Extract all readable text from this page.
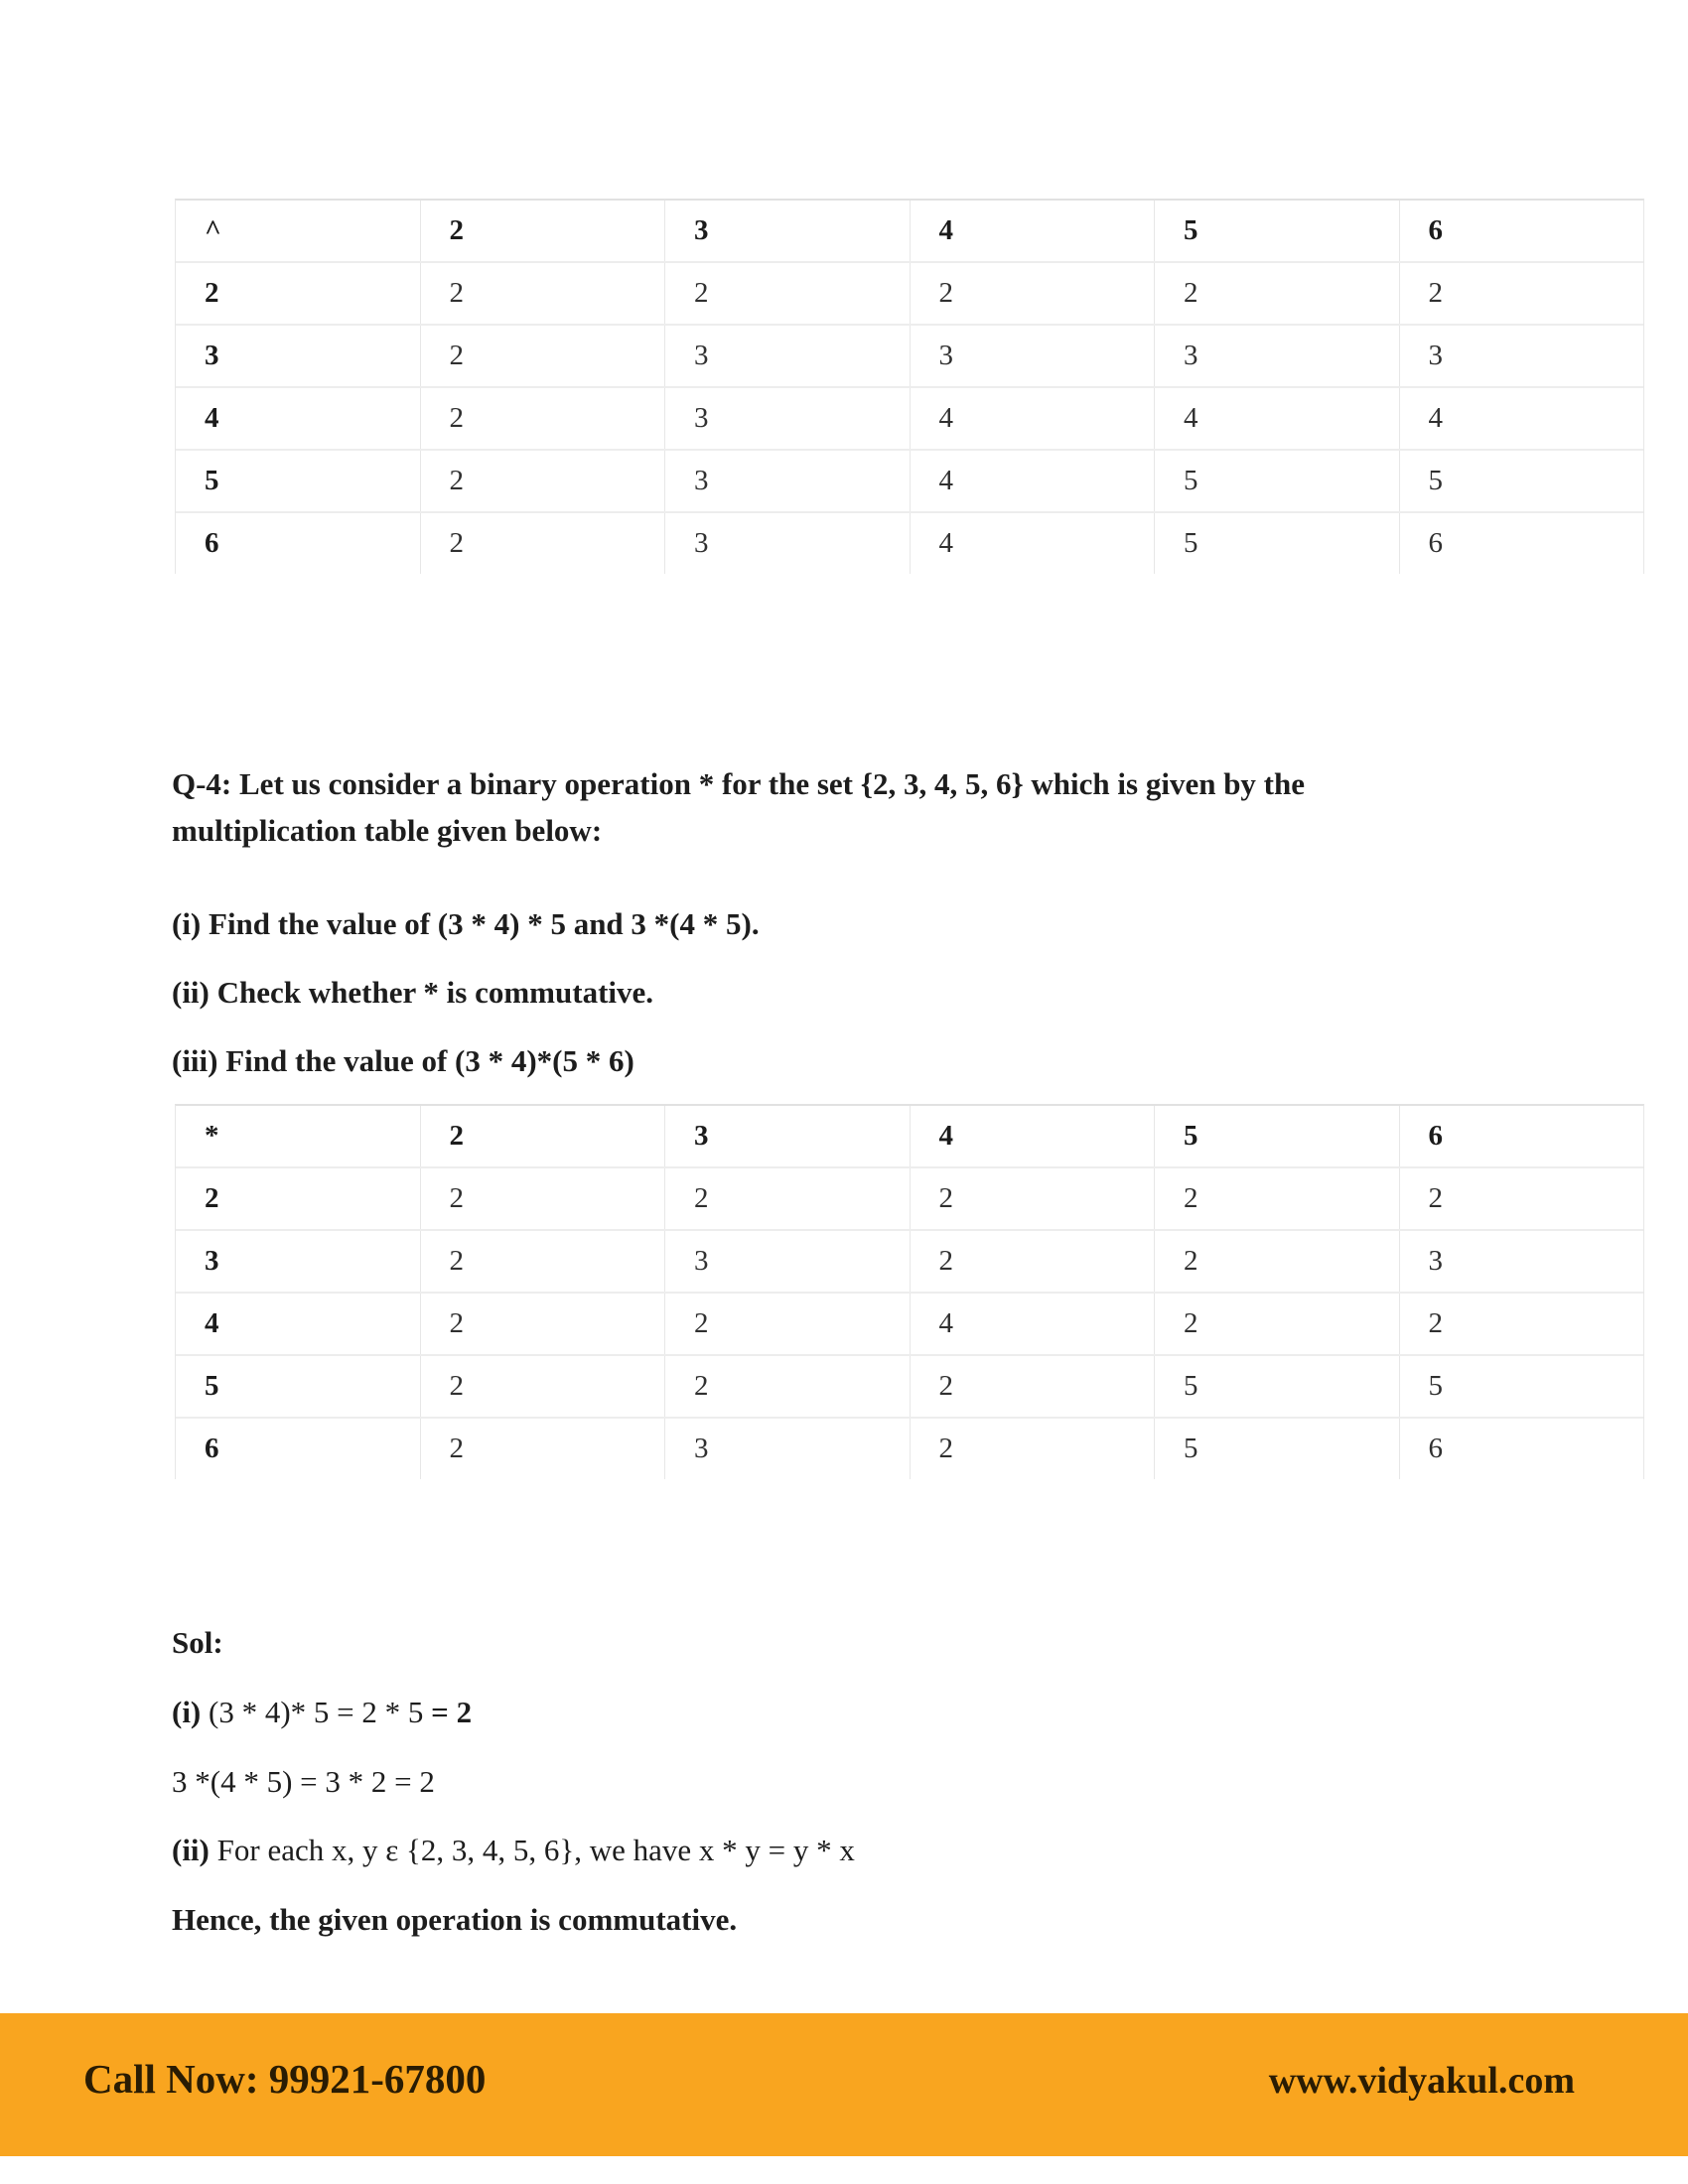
^	2	3	4	5	6
2	2	2	2	2	2
3	2	3	3	3	3
4	2	3	4	4	4
5	2	3	4	5	5
6	2	3	4	5	6
Q-4: Let us consider a binary operation * for the set {2, 3, 4, 5, 6} which is given by the
multiplication table given below:
(i) Find the value of (3 * 4) * 5 and 3 *(4 * 5).
(ii) Check whether * is commutative.
(iii) Find the value of (3 * 4)*(5 * 6)
*	2	3	4	5	6
2	2	2	2	2	2
3	2	3	2	2	3
4	2	2	4	2	2
5	2	2	2	5	5
6	2	3	2	5	6
Sol:
(i) (3 * 4)* 5 = 2 * 5 = 2
3 *(4 * 5) = 3 * 2 = 2
(ii) For each x, y ε {2, 3, 4, 5, 6}, we have x * y = y * x
Hence, the given operation is commutative.
Call Now: 99921-67800	www.vidyakul.com
